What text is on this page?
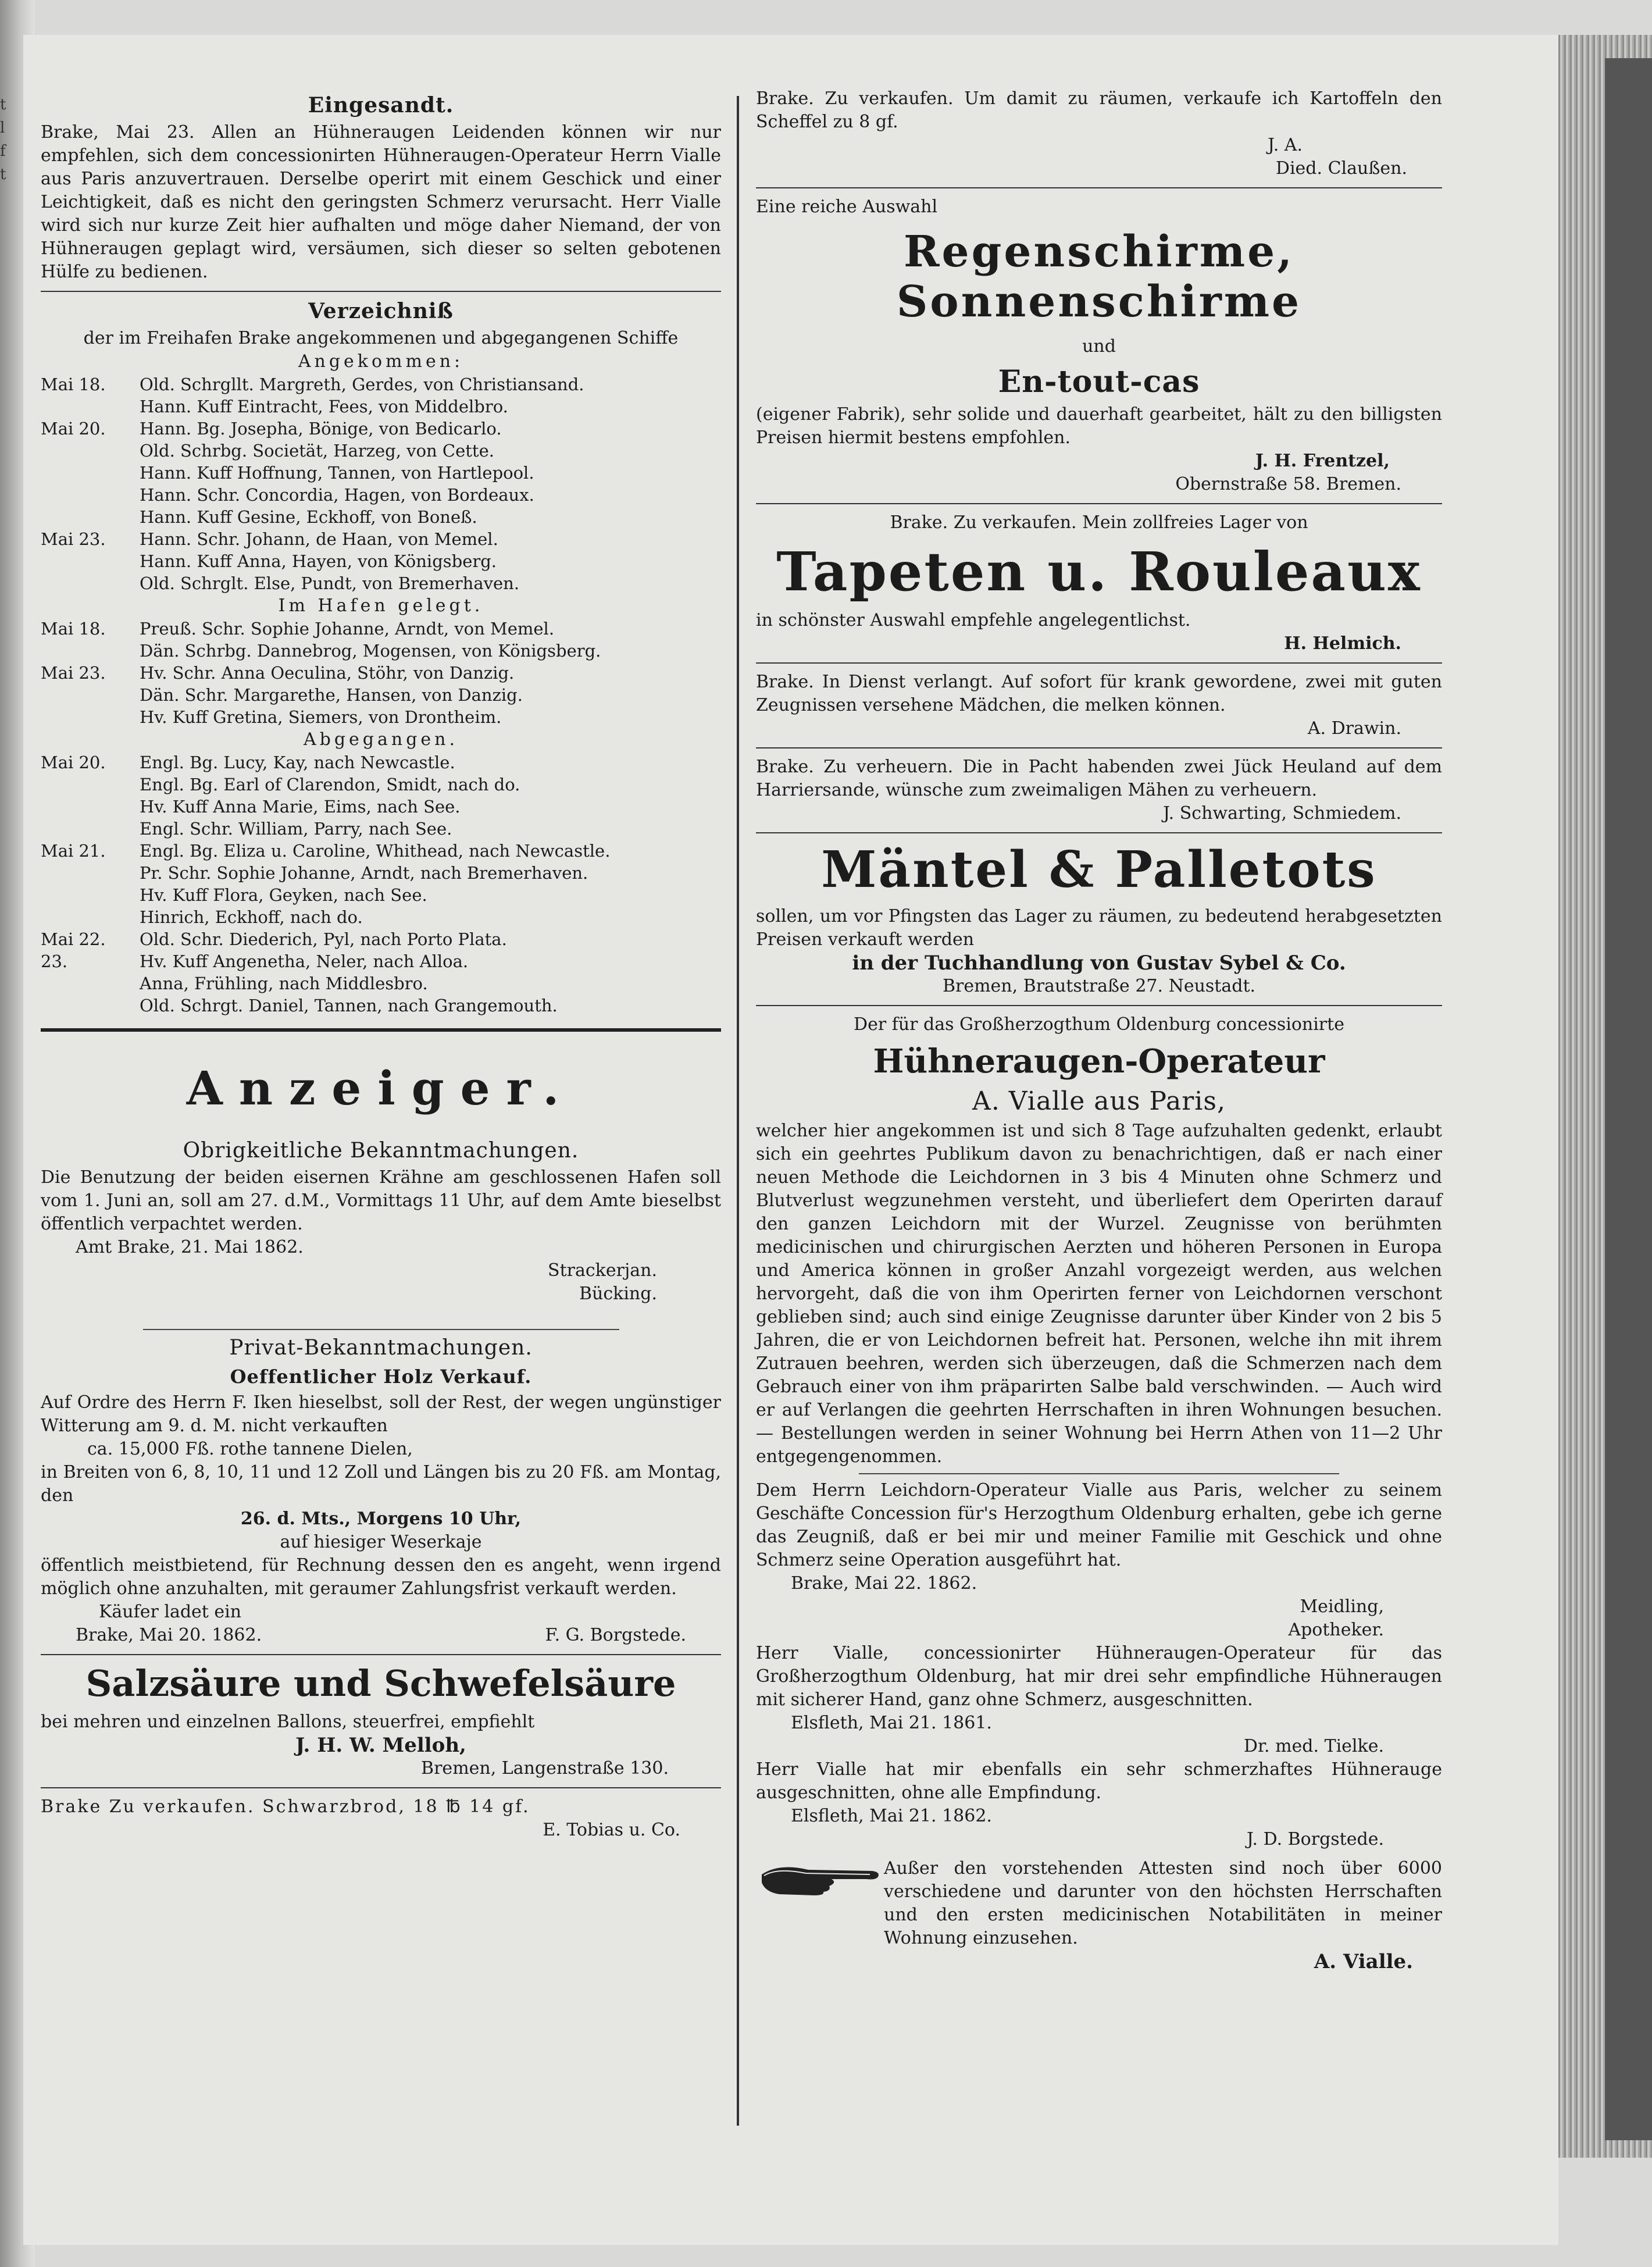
t
l
f
t
Eingesandt.

Brake, Mai 23. Allen an Hühneraugen Leidenden können wir nur empfehlen, sich dem concessionirten Hühneraugen-Operateur Herrn Vialle aus Paris anzuvertrauen. Derselbe operirt mit einem Geschick und einer Leichtigkeit, daß es nicht den geringsten Schmerz verursacht. Herr Vialle wird sich nur kurze Zeit hier aufhalten und möge daher Niemand, der von Hühneraugen geplagt wird, versäumen, sich dieser so selten gebotenen Hülfe zu bedienen.

Verzeichniß
der im Freihafen Brake angekommenen und abgegangenen Schiffe
Angekommen:
Mai 18.	Old. Schrgllt. Margreth, Gerdes, von Christiansand.
	Hann. Kuff Eintracht, Fees, von Middelbro.
Mai 20.	Hann. Bg. Josepha, Bönige, von Bedicarlo.
	Old. Schrbg. Societät, Harzeg, von Cette.
	Hann. Kuff Hoffnung, Tannen, von Hartlepool.
	Hann. Schr. Concordia, Hagen, von Bordeaux.
	Hann. Kuff Gesine, Eckhoff, von Boneß.
Mai 23.	Hann. Schr. Johann, de Haan, von Memel.
	Hann. Kuff Anna, Hayen, von Königsberg.
	Old. Schrglt. Else, Pundt, von Bremerhaven.
Im Hafen gelegt.
Mai 18.	Preuß. Schr. Sophie Johanne, Arndt, von Memel.
	Dän. Schrbg. Dannebrog, Mogensen, von Königsberg.
Mai 23.	Hv. Schr. Anna Oeculina, Stöhr, von Danzig.
	Dän. Schr. Margarethe, Hansen, von Danzig.
	Hv. Kuff Gretina, Siemers, von Drontheim.
Abgegangen.
Mai 20.	Engl. Bg. Lucy, Kay, nach Newcastle.
	Engl. Bg. Earl of Clarendon, Smidt, nach do.
	Hv. Kuff Anna Marie, Eims, nach See.
	Engl. Schr. William, Parry, nach See.
Mai 21.	Engl. Bg. Eliza u. Caroline, Whithead, nach Newcastle.
	Pr. Schr. Sophie Johanne, Arndt, nach Bremerhaven.
	Hv. Kuff Flora, Geyken, nach See.
	Hinrich, Eckhoff, nach do.
Mai 22.	Old. Schr. Diederich, Pyl, nach Porto Plata.
23.	Hv. Kuff Angenetha, Neler, nach Alloa.
	Anna, Frühling, nach Middlesbro.
	Old. Schrgt. Daniel, Tannen, nach Grangemouth.
Anzeiger.
Obrigkeitliche Bekanntmachungen.

Die Benutzung der beiden eisernen Krähne am geschlossenen Hafen soll vom 1. Juni an, soll am 27. d.M., Vormittags 11 Uhr, auf dem Amte bieselbst öffentlich verpachtet werden.

Amt Brake, 21. Mai 1862.
Strackerjan.
Bücking.
Privat-Bekanntmachungen.
Oeffentlicher Holz Verkauf.

Auf Ordre des Herrn F. Iken hieselbst, soll der Rest, der wegen ungünstiger Witterung am 9. d. M. nicht verkauften

ca. 15,000 Fß. rothe tannene Dielen,

in Breiten von 6, 8, 10, 11 und 12 Zoll und Längen bis zu 20 Fß. am Montag, den

26. d. Mts., Morgens 10 Uhr,
auf hiesiger Weserkaje

öffentlich meistbietend, für Rechnung dessen den es angeht, wenn irgend möglich ohne anzuhalten, mit geraumer Zahlungsfrist verkauft werden.

Käufer ladet ein
Brake, Mai 20. 1862.	F. G. Borgstede.
Salzsäure und Schwefelsäure
bei mehren und einzelnen Ballons, steuerfrei, empfiehlt
J. H. W. Melloh,
Bremen, Langenstraße 130.
Brake Zu verkaufen. Schwarzbrod, 18 ℔ 14 gf.
E. Tobias u. Co.

Brake. Zu verkaufen. Um damit zu räumen, verkaufe ich Kartoffeln den Scheffel zu 8 gf.

J. A.
Died. Claußen.
Eine reiche Auswahl
Regenschirme, Sonnenschirme
und
En-tout-cas

(eigener Fabrik), sehr solide und dauerhaft gearbeitet, hält zu den billigsten Preisen hiermit bestens empfohlen.

J. H. Frentzel,
Obernstraße 58. Bremen.
Brake. Zu verkaufen. Mein zollfreies Lager von
Tapeten u. Rouleaux
in schönster Auswahl empfehle angelegentlichst.
H. Helmich.

Brake. In Dienst verlangt. Auf sofort für krank gewordene, zwei mit guten Zeugnissen versehene Mädchen, die melken können.

A. Drawin.

Brake. Zu verheuern. Die in Pacht habenden zwei Jück Heuland auf dem Harriersande, wünsche zum zweimaligen Mähen zu verheuern.

J. Schwarting, Schmiedem.
Mäntel & Palletots

sollen, um vor Pfingsten das Lager zu räumen, zu bedeutend herabgesetzten Preisen verkauft werden

in der Tuchhandlung von Gustav Sybel & Co.
Bremen, Brautstraße 27. Neustadt.
Der für das Großherzogthum Oldenburg concessionirte
Hühneraugen-Operateur
A. Vialle aus Paris,

welcher hier angekommen ist und sich 8 Tage aufzuhalten gedenkt, erlaubt sich ein geehrtes Publikum davon zu benachrichtigen, daß er nach einer neuen Methode die Leichdornen in 3 bis 4 Minuten ohne Schmerz und Blutverlust wegzunehmen versteht, und überliefert dem Operirten darauf den ganzen Leichdorn mit der Wurzel. Zeugnisse von berühmten medicinischen und chirurgischen Aerzten und höheren Personen in Europa und America können in großer Anzahl vorgezeigt werden, aus welchen hervorgeht, daß die von ihm Operirten ferner von Leichdornen verschont geblieben sind; auch sind einige Zeugnisse darunter über Kinder von 2 bis 5 Jahren, die er von Leichdornen befreit hat. Personen, welche ihn mit ihrem Zutrauen beehren, werden sich überzeugen, daß die Schmerzen nach dem Gebrauch einer von ihm präparirten Salbe bald verschwinden. — Auch wird er auf Verlangen die geehrten Herrschaften in ihren Wohnungen besuchen. — Bestellungen werden in seiner Wohnung bei Herrn Athen von 11—2 Uhr entgegengenommen.

Dem Herrn Leichdorn-Operateur Vialle aus Paris, welcher zu seinem Geschäfte Concession für's Herzogthum Oldenburg erhalten, gebe ich gerne das Zeugniß, daß er bei mir und meiner Familie mit Geschick und ohne Schmerz seine Operation ausgeführt hat.

Brake, Mai 22. 1862.
Meidling,
Apotheker.

Herr Vialle, concessionirter Hühneraugen-Operateur für das Großherzogthum Oldenburg, hat mir drei sehr empfindliche Hühneraugen mit sicherer Hand, ganz ohne Schmerz, ausgeschnitten.

Elsfleth, Mai 21. 1861.
Dr. med. Tielke.

Herr Vialle hat mir ebenfalls ein sehr schmerzhaftes Hühnerauge ausgeschnitten, ohne alle Empfindung.

Elsfleth, Mai 21. 1862.
J. D. Borgstede.

Außer den vorstehenden Attesten sind noch über 6000 verschiedene und darunter von den höchsten Herrschaften und den ersten medicinischen Notabilitäten in meiner Wohnung einzusehen.

A. Vialle.
